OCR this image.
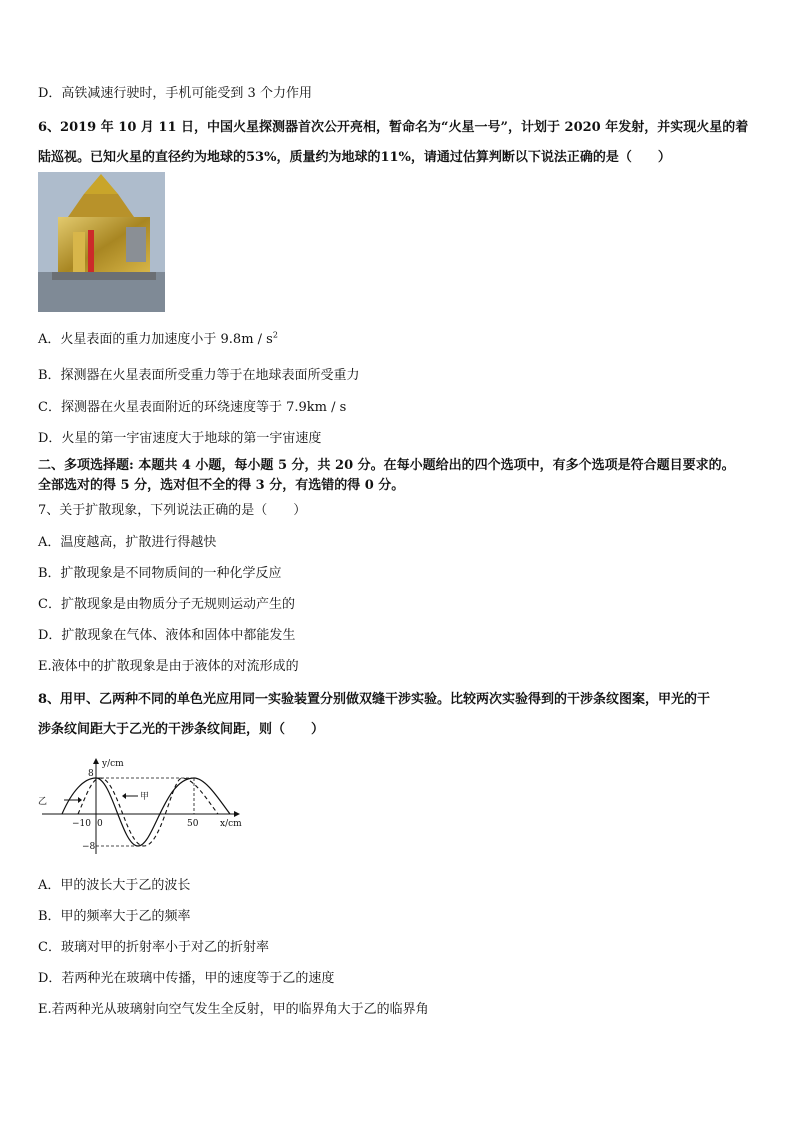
D．高铁减速行驶时，手机可能受到 3 个力作用
6、2019 年 10 月 11 日，中国火星探测器首次公开亮相，暂命名为“火星一号”，计划于 2020 年发射，并实现火星的着
陆巡视。已知火星的直径约为地球的53%，质量约为地球的11%，请通过估算判断以下说法正确的是（　　）
A．火星表面的重力加速度小于 $9.8m / s^2$
B．探测器在火星表面所受重力等于在地球表面所受重力
C．探测器在火星表面附近的环绕速度等于 7.9km / s
D．火星的第一宇宙速度大于地球的第一宇宙速度
二、多项选择题: 本题共 4 小题，每小题 5 分，共 20 分。在每小题给出的四个选项中，有多个选项是符合题目要求的。
全部选对的得 5 分，选对但不全的得 3 分，有选错的得 0 分。
7、关于扩散现象，下列说法正确的是（　　）
A．温度越高，扩散进行得越快
B．扩散现象是不同物质间的一种化学反应
C．扩散现象是由物质分子无规则运动产生的
D．扩散现象在气体、液体和固体中都能发生
E.液体中的扩散现象是由于液体的对流形成的
8、用甲、乙两种不同的单色光应用同一实验装置分别做双缝干涉实验。比较两次实验得到的干涉条纹图案，甲光的干
涉条纹间距大于乙光的干涉条纹间距，则（　　）
y/cm
x/cm
8
−8
−10 0	50
甲
乙
A．甲的波长大于乙的波长
B．甲的频率大于乙的频率
C．玻璃对甲的折射率小于对乙的折射率
D．若两种光在玻璃中传播，甲的速度等于乙的速度
E.若两种光从玻璃射向空气发生全反射，甲的临界角大于乙的临界角
